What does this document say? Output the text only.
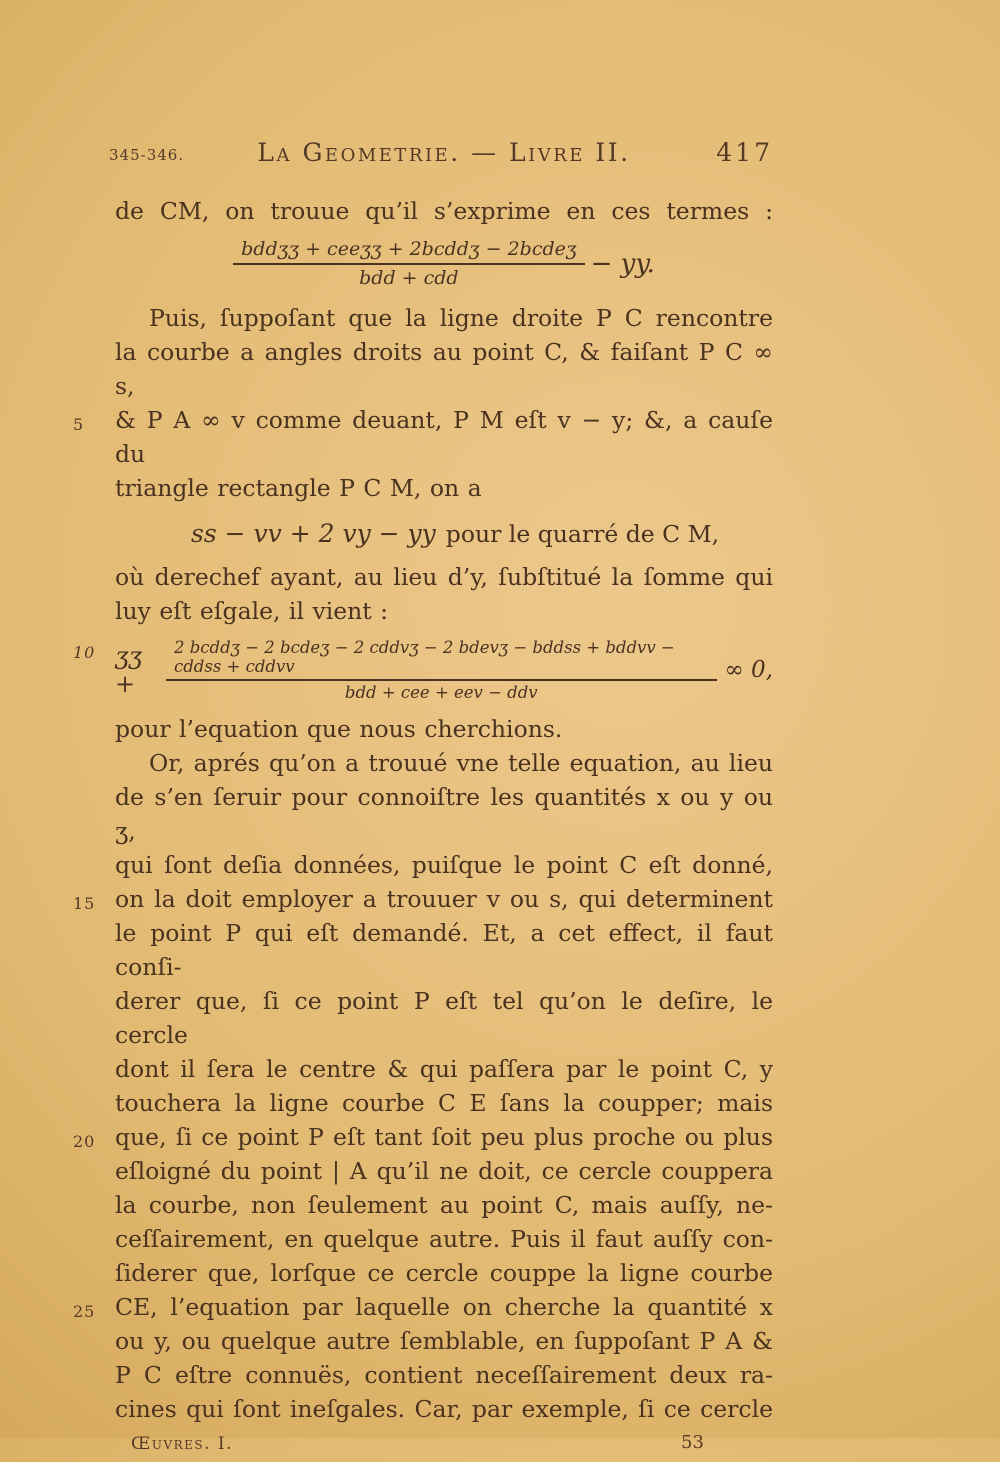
345-346.	La Geometrie. — Livre II.	417
de CM, on trouue qu’il s’exprime en ces termes :
$\frac{\text{bddʒʒ + ceeʒʒ + 2bcddʒ − 2bcdeʒ}}{\text{bdd + cdd}}$ − yy.
Puis, ſuppoſant que la ligne droite P C rencontre
la courbe a angles droits au point C, & faiſant P C ∞ s,
5 & P A ∞ v comme deuant, P M eſt v − y; &, a cauſe du
triangle rectangle P C M, on a
ss − vv + 2 vy − yy pour le quarré de C M,
où derechef ayant, au lieu d’y, ſubſtitué la ſomme qui
luy eſt eſgale, il vient :
10 ʒʒ +
2 bcddʒ − 2 bcdeʒ − 2 cddvʒ − 2 bdevʒ − bddss + bddvv − cddss + cddvv
bdd + cee + eev − ddv
∞ 0,
pour l’equation que nous cherchions.
Or, aprés qu’on a trouué vne telle equation, au lieu
de s’en ſeruir pour connoiſtre les quantités x ou y ou ʒ,
qui ſont deſia données, puiſque le point C eſt donné,
15 on la doit employer a trouuer v ou s, qui determinent
le point P qui eſt demandé. Et, a cet effect, il faut conſi-
derer que, ſi ce point P eſt tel qu’on le deſire, le cercle
dont il ſera le centre & qui paſſera par le point C, y
touchera la ligne courbe C E ſans la coupper; mais
20 que, ſi ce point P eſt tant ſoit peu plus proche ou plus
eſloigné du point | A qu’il ne doit, ce cercle couppera
la courbe, non ſeulement au point C, mais auſſy, ne-
ceſſairement, en quelque autre. Puis il faut auſſy con-
ſiderer que, lorſque ce cercle couppe la ligne courbe
25 CE, l’equation par laquelle on cherche la quantité x
ou y, ou quelque autre ſemblable, en ſuppoſant P A &
P C eſtre connuës, contient neceſſairement deux ra-
cines qui ſont ineſgales. Car, par exemple, ſi ce cercle
Œuvres. I.	53
